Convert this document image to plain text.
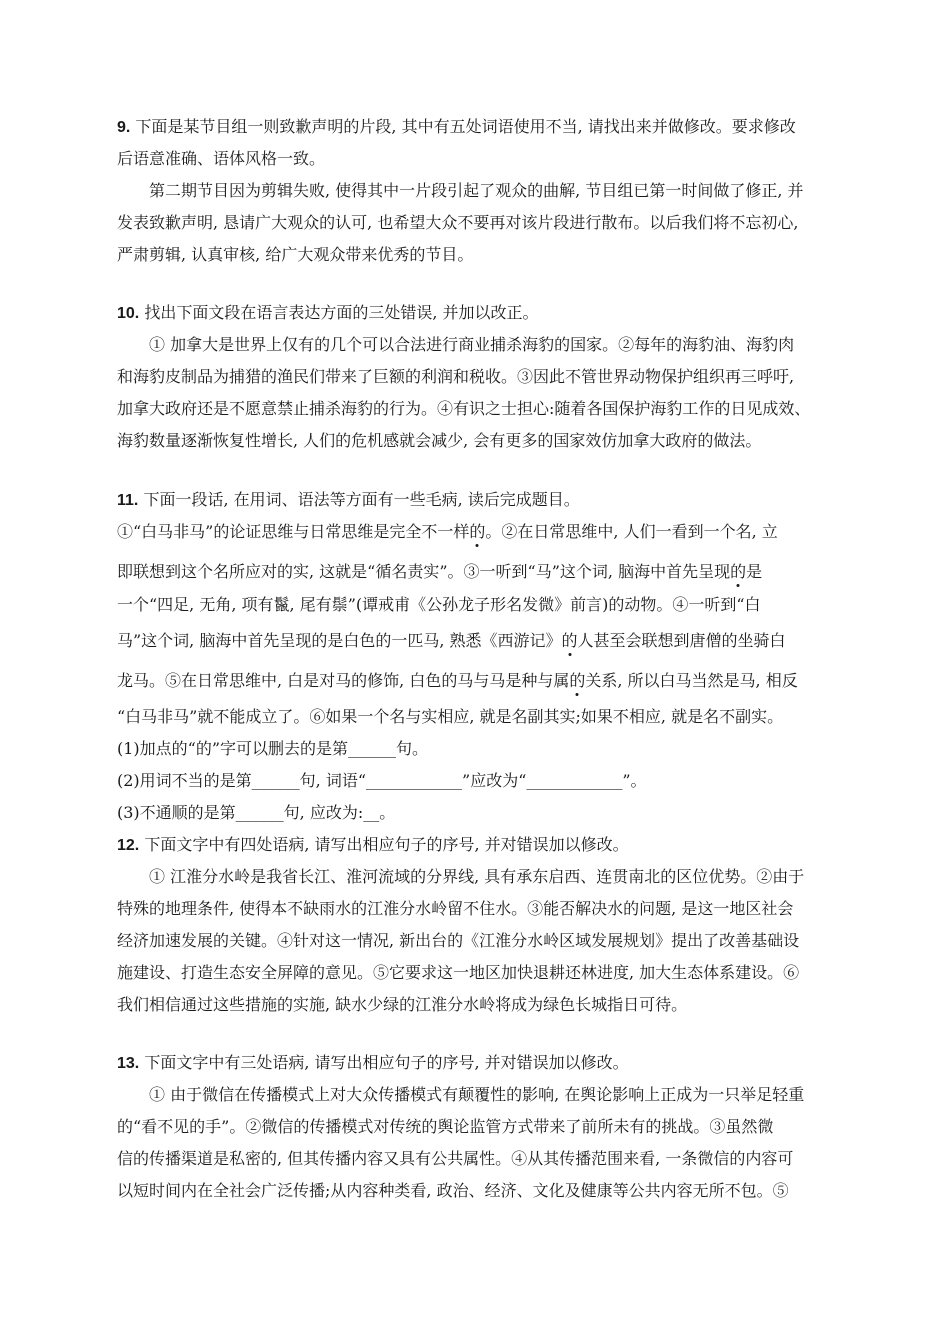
9. 下面是某节目组一则致歉声明的片段, 其中有五处词语使用不当, 请找出来并做修改。要求修改

后语意准确、语体风格一致。

第二期节目因为剪辑失败, 使得其中一片段引起了观众的曲解, 节目组已第一时间做了修正, 并

发表致歉声明, 恳请广大观众的认可, 也希望大众不要再对该片段进行散布。以后我们将不忘初心,

严肃剪辑, 认真审核, 给广大观众带来优秀的节目。

10. 找出下面文段在语言表达方面的三处错误, 并加以改正。

① 加拿大是世界上仅有的几个可以合法进行商业捕杀海豹的国家。②每年的海豹油、海豹肉

和海豹皮制品为捕猎的渔民们带来了巨额的利润和税收。③因此不管世界动物保护组织再三呼吁,

加拿大政府还是不愿意禁止捕杀海豹的行为。④有识之士担心:随着各国保护海豹工作的日见成效、

海豹数量逐渐恢复性增长, 人们的危机感就会减少, 会有更多的国家效仿加拿大政府的做法。

11. 下面一段话, 在用词、语法等方面有一些毛病, 读后完成题目。

①“白马非马”的论证思维与日常思维是完全不一样的。②在日常思维中, 人们一看到一个名, 立

即联想到这个名所应对的实, 这就是“循名责实”。③一听到“马”这个词, 脑海中首先呈现的是

一个“四足, 无角, 项有鬣, 尾有鬃”(谭戒甫《公孙龙子形名发微》前言)的动物。④一听到“白

马”这个词, 脑海中首先呈现的是白色的一匹马, 熟悉《西游记》的人甚至会联想到唐僧的坐骑白

龙马。⑤在日常思维中, 白是对马的修饰, 白色的马与马是种与属的关系, 所以白马当然是马, 相反

“白马非马”就不能成立了。⑥如果一个名与实相应, 就是名副其实;如果不相应, 就是名不副实。

(1)加点的“的”字可以删去的是第______句。

(2)用词不当的是第______句, 词语“____________”应改为“____________”。

(3)不通顺的是第______句, 应改为:__。

12. 下面文字中有四处语病, 请写出相应句子的序号, 并对错误加以修改。

① 江淮分水岭是我省长江、淮河流域的分界线, 具有承东启西、连贯南北的区位优势。②由于

特殊的地理条件, 使得本不缺雨水的江淮分水岭留不住水。③能否解决水的问题, 是这一地区社会

经济加速发展的关键。④针对这一情况, 新出台的《江淮分水岭区域发展规划》提出了改善基础设

施建设、打造生态安全屏障的意见。⑤它要求这一地区加快退耕还林进度, 加大生态体系建设。⑥

我们相信通过这些措施的实施, 缺水少绿的江淮分水岭将成为绿色长城指日可待。

13. 下面文字中有三处语病, 请写出相应句子的序号, 并对错误加以修改。

① 由于微信在传播模式上对大众传播模式有颠覆性的影响, 在舆论影响上正成为一只举足轻重

的“看不见的手”。②微信的传播模式对传统的舆论监管方式带来了前所未有的挑战。③虽然微

信的传播渠道是私密的, 但其传播内容又具有公共属性。④从其传播范围来看, 一条微信的内容可

以短时间内在全社会广泛传播;从内容种类看, 政治、经济、文化及健康等公共内容无所不包。⑤
